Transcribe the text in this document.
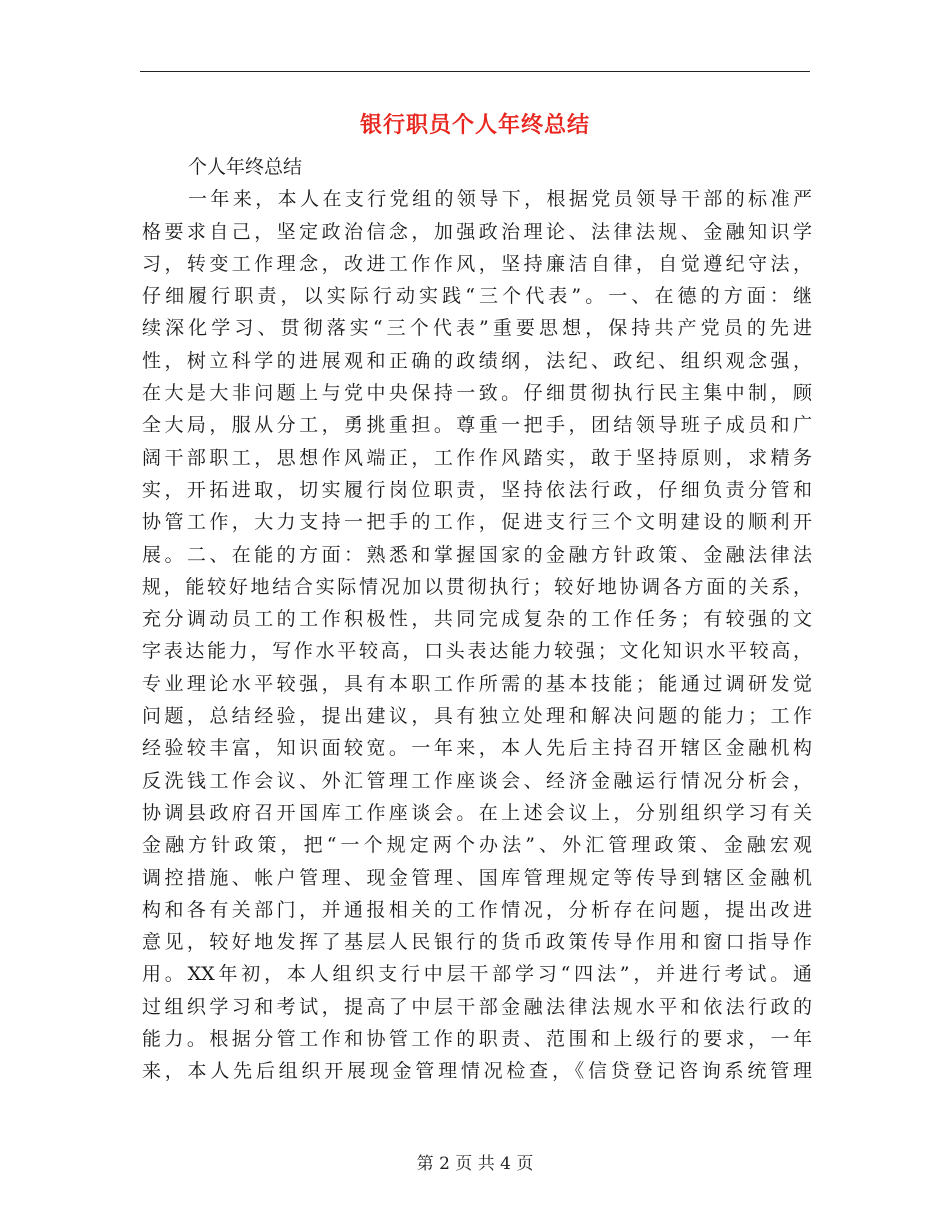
银行职员个人年终总结
个人年终总结
一年来，本人在支行党组的领导下，根据党员领导干部的标准严
格要求自己，坚定政治信念，加强政治理论、法律法规、金融知识学
习，转变工作理念，改进工作作风，坚持廉洁自律，自觉遵纪守法，
仔细履行职责，以实际行动实践“三个代表”。一、在德的方面：继
续深化学习、贯彻落实“三个代表”重要思想，保持共产党员的先进
性，树立科学的进展观和正确的政绩纲，法纪、政纪、组织观念强，
在大是大非问题上与党中央保持一致。仔细贯彻执行民主集中制，顾
全大局，服从分工，勇挑重担。尊重一把手，团结领导班子成员和广
阔干部职工，思想作风端正，工作作风踏实，敢于坚持原则，求精务
实，开拓进取，切实履行岗位职责，坚持依法行政，仔细负责分管和
协管工作，大力支持一把手的工作，促进支行三个文明建设的顺利开
展。二、在能的方面：熟悉和掌握国家的金融方针政策、金融法律法
规，能较好地结合实际情况加以贯彻执行；较好地协调各方面的关系，
充分调动员工的工作积极性，共同完成复杂的工作任务；有较强的文
字表达能力，写作水平较高，口头表达能力较强；文化知识水平较高，
专业理论水平较强，具有本职工作所需的基本技能；能通过调研发觉
问题，总结经验，提出建议，具有独立处理和解决问题的能力；工作
经验较丰富，知识面较宽。一年来，本人先后主持召开辖区金融机构
反洗钱工作会议、外汇管理工作座谈会、经济金融运行情况分析会，
协调县政府召开国库工作座谈会。在上述会议上，分别组织学习有关
金融方针政策，把“一个规定两个办法”、外汇管理政策、金融宏观
调控措施、帐户管理、现金管理、国库管理规定等传导到辖区金融机
构和各有关部门，并通报相关的工作情况，分析存在问题，提出改进
意见，较好地发挥了基层人民银行的货币政策传导作用和窗口指导作
用。XX年初，本人组织支行中层干部学习“四法”，并进行考试。通
过组织学习和考试，提高了中层干部金融法律法规水平和依法行政的
能力。根据分管工作和协管工作的职责、范围和上级行的要求，一年
来，本人先后组织开展现金管理情况检查，《信贷登记咨询系统管理
第 2 页 共 4 页
